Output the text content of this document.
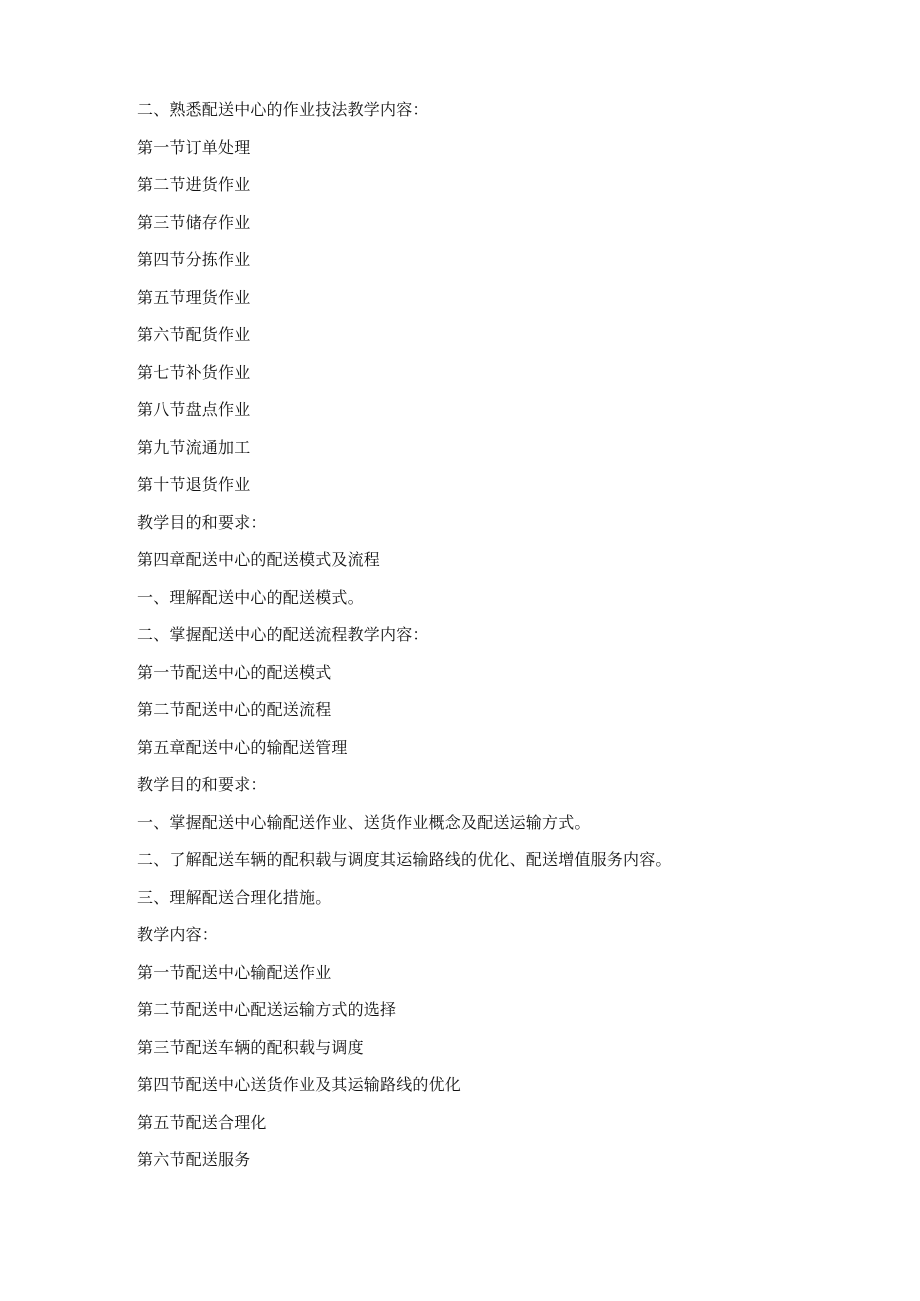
二、熟悉配送中心的作业技法教学内容：
第一节订单处理
第二节进货作业
第三节储存作业
第四节分拣作业
第五节理货作业
第六节配货作业
第七节补货作业
第八节盘点作业
第九节流通加工
第十节退货作业
教学目的和要求：
第四章配送中心的配送模式及流程
一、理解配送中心的配送模式。
二、掌握配送中心的配送流程教学内容：
第一节配送中心的配送模式
第二节配送中心的配送流程
第五章配送中心的输配送管理
教学目的和要求：
一、掌握配送中心输配送作业、送货作业概念及配送运输方式。
二、了解配送车辆的配积载与调度其运输路线的优化、配送增值服务内容。
三、理解配送合理化措施。
教学内容：
第一节配送中心输配送作业
第二节配送中心配送运输方式的选择
第三节配送车辆的配积载与调度
第四节配送中心送货作业及其运输路线的优化
第五节配送合理化
第六节配送服务
